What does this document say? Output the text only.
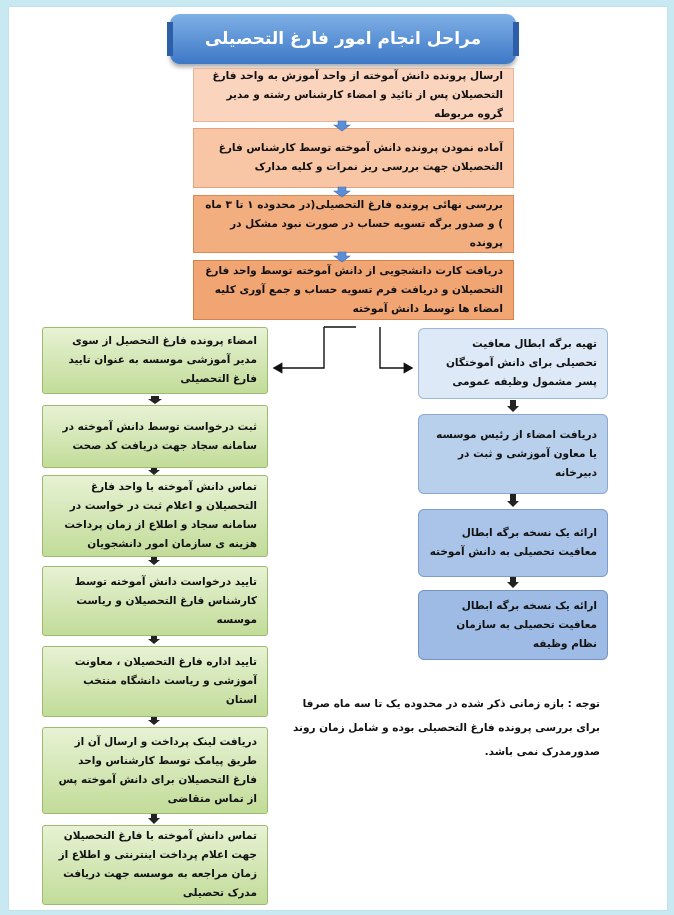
مراحل انجام امور فارغ التحصیلی
ارسال پرونده دانش آموخته از واحد آموزش به واحد فارغ التحصیلان پس از تائید و امضاء کارشناس رشته و مدیر گروه مربوطه
آماده نمودن پرونده دانش آموخته توسط کارشناس فارغ التحصیلان جهت بررسی ریز نمرات و کلیه مدارک
بررسی نهائی پرونده فارغ التحصیلی(در محدوده ۱ تا ۳ ماه ) و صدور برگه تسویه حساب در صورت نبود مشکل در پرونده
دریافت کارت دانشجویی از دانش آموخته توسط واحد فارغ التحصیلان و دریافت فرم تسویه حساب و جمع آوری کلیه امضاء ها توسط دانش آموخته
امضاء پرونده فارغ التحصیل از سوی مدیر آموزشی موسسه به عنوان تایید فارغ التحصیلی
ثبت درخواست توسط دانش آموخته در سامانه سجاد جهت دریافت کد صحت
تماس دانش آموخته با واحد فارغ التحصیلان و اعلام ثبت در خواست در سامانه سجاد و اطلاع از زمان پرداخت هزینه ی سازمان امور دانشجویان
تایید درخواست دانش آموخته توسط کارشناس فارغ التحصیلان و ریاست موسسه
تایید اداره فارغ التحصیلان ، معاونت آموزشی و ریاست دانشگاه منتخب استان
دریافت لینک پرداخت و ارسال آن از طریق پیامک توسط کارشناس واحد فارغ التحصیلان برای دانش آموخته پس از تماس متقاضی
تماس دانش آموخته با فارغ التحصیلان جهت اعلام پرداخت اینترنتی و اطلاع از زمان مراجعه به موسسه جهت دریافت مدرک تحصیلی
تهیه برگه ابطال معافیت تحصیلی برای دانش آموختگان پسر مشمول وظیفه عمومی
دریافت امضاء از رئیس موسسه یا معاون آموزشی و ثبت در دبیرخانه
ارائه یک نسخه برگه ابطال معافیت تحصیلی به دانش آموخته
ارائه یک نسخه برگه ابطال معافیت تحصیلی به سازمان نظام وظیفه
توجه : بازه زمانی ذکر شده در محدوده یک تا سه ماه صرفا برای بررسی پرونده فارغ التحصیلی بوده و شامل زمان روند صدورمدرک نمی باشد.
